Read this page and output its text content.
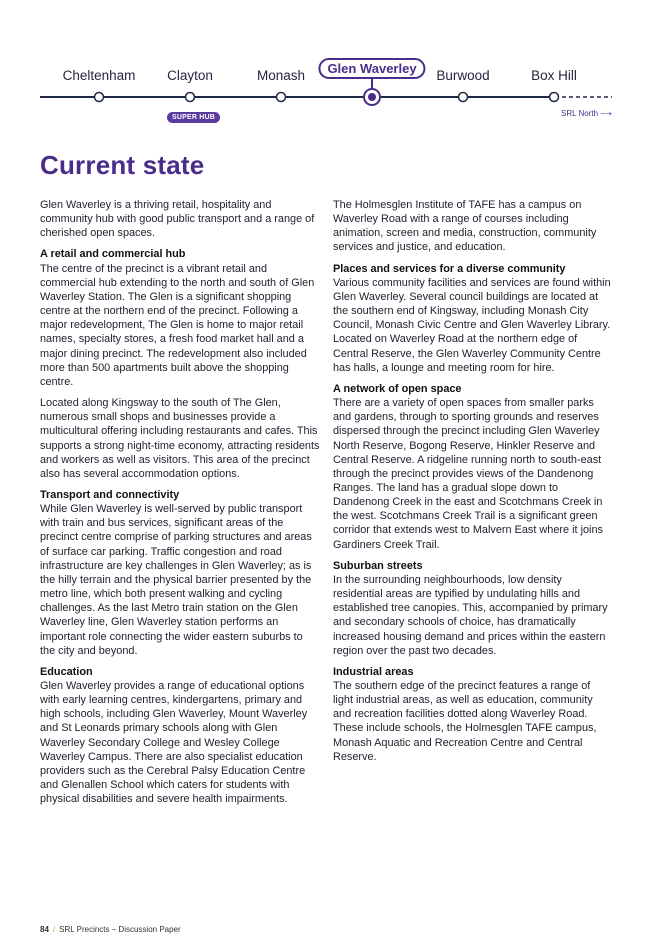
Cheltenham Clayton	Monash	Glen Waverley	Burwood	Box Hill
SUPER HUB	SRL North ⟶
Current state

Glen Waverley is a thriving retail, hospitality and community hub with good public transport and a range of cherished open spaces.

A retail and commercial hub

The centre of the precinct is a vibrant retail and commercial hub extending to the north and south of Glen Waverley Station. The Glen is a significant shopping centre at the northern end of the precinct. Following a major redevelopment, The Glen is home to major retail names, specialty stores, a fresh food market hall and a major dining precinct. The redevelopment also included more than 500 apartments built above the shopping centre.

Located along Kingsway to the south of The Glen, numerous small shops and businesses provide a multicultural offering including restaurants and cafes. This supports a strong night-time economy, attracting residents and workers as well as visitors. This area of the precinct also has several accommodation options.

Transport and connectivity

While Glen Waverley is well-served by public transport with train and bus services, significant areas of the precinct centre comprise of parking structures and areas of surface car parking. Traffic congestion and road infrastructure are key challenges in Glen Waverley; as is the hilly terrain and the physical barrier presented by the metro line, which both present walking and cycling challenges. As the last Metro train station on the Glen Waverley line, Glen Waverley station performs an important role connecting the wider eastern suburbs to the city and beyond.

Education

Glen Waverley provides a range of educational options with early learning centres, kindergartens, primary and high schools, including Glen Waverley, Mount Waverley and St Leonards primary schools along with Glen Waverley Secondary College and Wesley College Waverley Campus. There are also specialist education providers such as the Cerebral Palsy Education Centre and Glenallen School which caters for students with physical disabilities and severe health impairments.

The Holmesglen Institute of TAFE has a campus on Waverley Road with a range of courses including animation, screen and media, construction, community services and justice, and education.

Places and services for a diverse community

Various community facilities and services are found within Glen Waverley. Several council buildings are located at the southern end of Kingsway, including Monash City Council, Monash Civic Centre and Glen Waverley Library. Located on Waverley Road at the northern edge of Central Reserve, the Glen Waverley Community Centre has halls, a lounge and meeting room for hire.

A network of open space

There are a variety of open spaces from smaller parks and gardens, through to sporting grounds and reserves dispersed through the precinct including Glen Waverley North Reserve, Bogong Reserve, Hinkler Reserve and Central Reserve. A ridgeline running north to south-east through the precinct provides views of the Dandenong Ranges. The land has a gradual slope down to Dandenong Creek in the east and Scotchmans Creek in the west. Scotchmans Creek Trail is a significant green corridor that extends west to Malvern East where it joins Gardiners Creek Trail.

Suburban streets

In the surrounding neighbourhoods, low density residential areas are typified by undulating hills and established tree canopies. This, accompanied by primary and secondary schools of choice, has dramatically increased housing demand and prices within the eastern region over the past two decades.

Industrial areas

The southern edge of the precinct features a range of light industrial areas, as well as education, community and recreation facilities dotted along Waverley Road. These include schools, the Holmesglen TAFE campus, Monash Aquatic and Recreation Centre and Central Reserve.

84 / SRL Precincts – Discussion Paper
